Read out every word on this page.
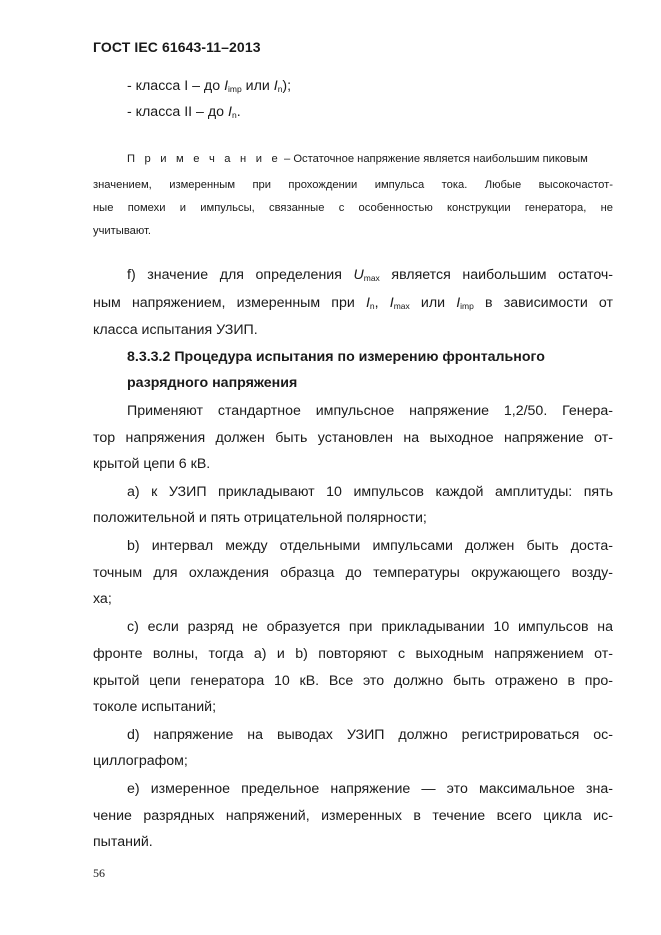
ГОСТ IEC 61643-11–2013
- класса I – до $I_{imp}$ или $I_n$);
- класса II – до $I_n$.
П р и м е ч а н и е – Остаточное напряжение является наибольшим пиковым
значением, измеренным при прохождении импульса тока. Любые высокочастот-
ные помехи и импульсы, связанные с особенностью конструкции генератора, не
учитывают.
f) значение для определения $U_{max}$ является наибольшим остаточ-
ным напряжением, измеренным при $I_n$, $I_{max}$ или $I_{imp}$ в зависимости от
класса испытания УЗИП.
8.3.3.2 Процедура испытания по измерению фронтального
разрядного напряжения
Применяют стандартное импульсное напряжение 1,2/50. Генера-
тор напряжения должен быть установлен на выходное напряжение от-
крытой цепи 6 кВ.
а) к УЗИП прикладывают 10 импульсов каждой амплитуды: пять
положительной и пять отрицательной полярности;
b) интервал между отдельными импульсами должен быть доста-
точным для охлаждения образца до температуры окружающего возду-
ха;
с) если разряд не образуется при прикладывании 10 импульсов на
фронте волны, тогда a) и b) повторяют с выходным напряжением от-
крытой цепи генератора 10 кВ. Все это должно быть отражено в про-
токоле испытаний;
d) напряжение на выводах УЗИП должно регистрироваться ос-
циллографом;
е) измеренное предельное напряжение — это максимальное зна-
чение разрядных напряжений, измеренных в течение всего цикла ис-
пытаний.
56
